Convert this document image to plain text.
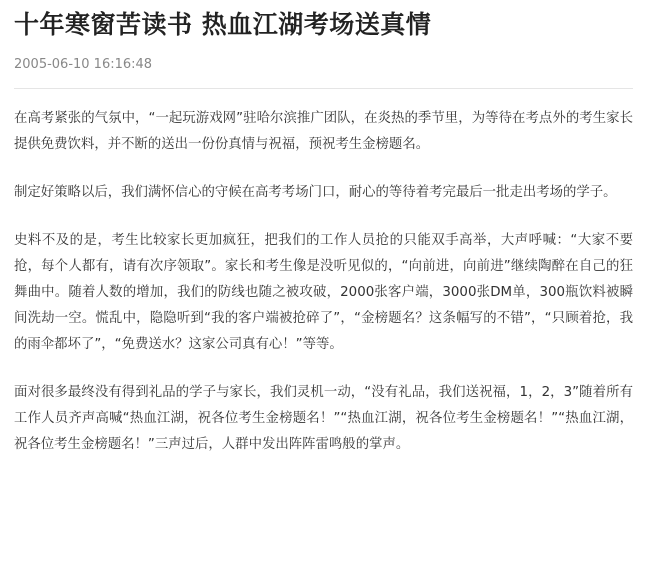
十年寒窗苦读书 热血江湖考场送真情
2005-06-10 16:16:48

在高考紧张的气氛中，“一起玩游戏网”驻哈尔滨推广团队，在炎热的季节里，为等待在考点外的考生家长提供免费饮料，并不断的送出一份份真情与祝福，预祝考生金榜题名。

制定好策略以后，我们满怀信心的守候在高考考场门口，耐心的等待着考完最后一批走出考场的学子。

史料不及的是，考生比较家长更加疯狂，把我们的工作人员抢的只能双手高举，大声呼喊：“大家不要抢，每个人都有，请有次序领取”。家长和考生像是没听见似的，“向前进，向前进”继续陶醉在自己的狂舞曲中。随着人数的增加，我们的防线也随之被攻破，2000张客户端，3000张DM单，300瓶饮料被瞬间洗劫一空。慌乱中，隐隐听到“我的客户端被抢碎了”，“金榜题名？这条幅写的不错”，“只顾着抢，我的雨伞都坏了”，“免费送水？这家公司真有心！”等等。

面对很多最终没有得到礼品的学子与家长，我们灵机一动，“没有礼品，我们送祝福，1，2，3”随着所有工作人员齐声高喊“热血江湖，祝各位考生金榜题名！”“热血江湖，祝各位考生金榜题名！”“热血江湖，祝各位考生金榜题名！”三声过后，人群中发出阵阵雷鸣般的掌声。
